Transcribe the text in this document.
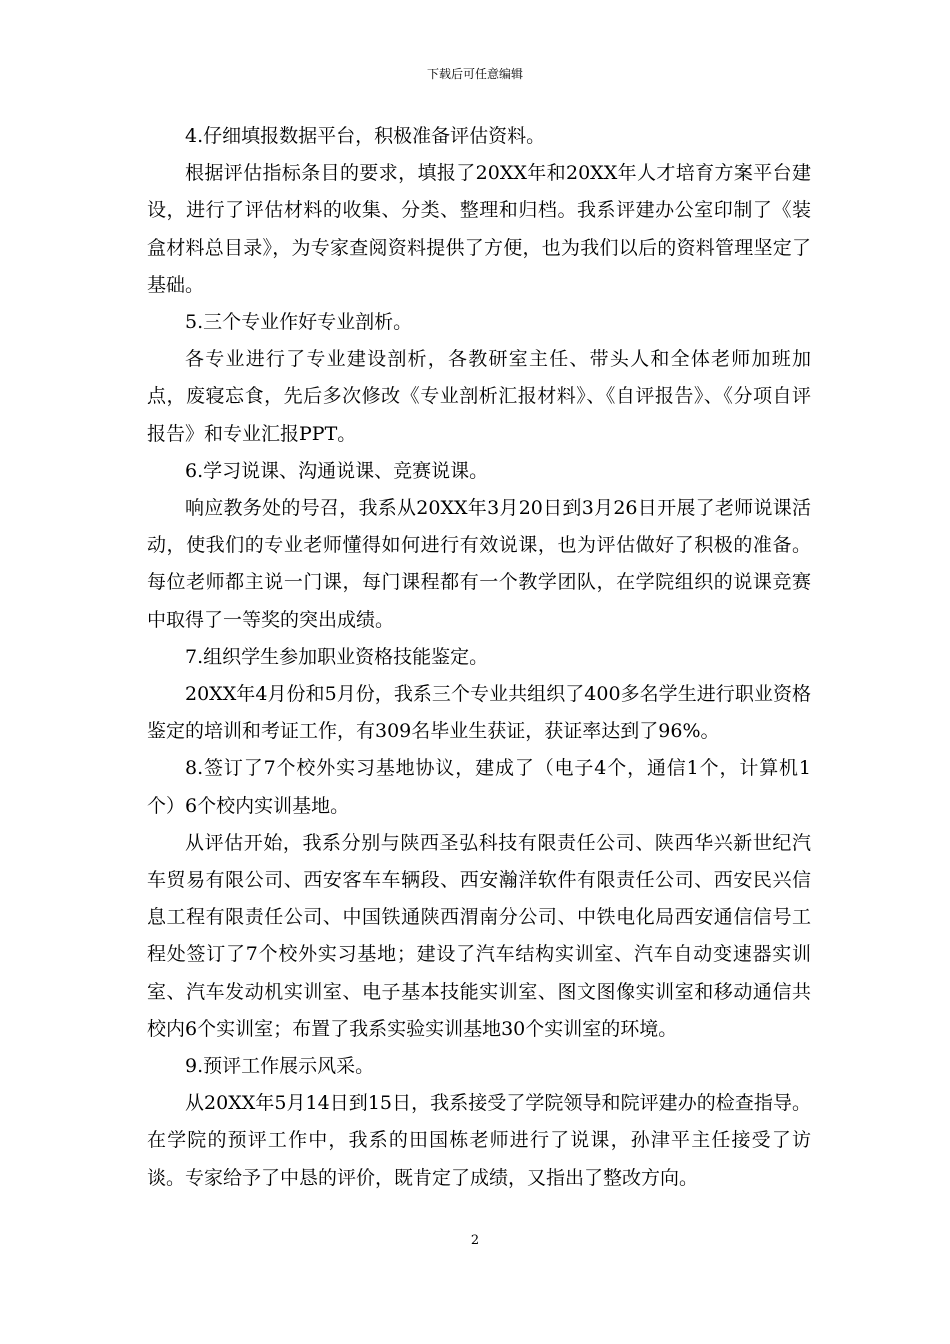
下载后可任意编辑

4.仔细填报数据平台，积极准备评估资料。

根据评估指标条目的要求，填报了20XX年和20XX年人才培育方案平台建设，进行了评估材料的收集、分类、整理和归档。我系评建办公室印制了《装盒材料总目录》，为专家查阅资料提供了方便，也为我们以后的资料管理坚定了基础。

5.三个专业作好专业剖析。

各专业进行了专业建设剖析，各教研室主任、带头人和全体老师加班加点，废寝忘食，先后多次修改《专业剖析汇报材料》、《自评报告》、《分项自评报告》和专业汇报PPT。

6.学习说课、沟通说课、竞赛说课。

响应教务处的号召，我系从20XX年3月20日到3月26日开展了老师说课活动，使我们的专业老师懂得如何进行有效说课，也为评估做好了积极的准备。每位老师都主说一门课，每门课程都有一个教学团队，在学院组织的说课竞赛中取得了一等奖的突出成绩。

7.组织学生参加职业资格技能鉴定。

20XX年4月份和5月份，我系三个专业共组织了400多名学生进行职业资格鉴定的培训和考证工作，有309名毕业生获证，获证率达到了96%。

8.签订了7个校外实习基地协议，建成了（电子4个，通信1个，计算机1个）6个校内实训基地。

从评估开始，我系分别与陕西圣弘科技有限责任公司、陕西华兴新世纪汽车贸易有限公司、西安客车车辆段、西安瀚洋软件有限责任公司、西安民兴信息工程有限责任公司、中国铁通陕西渭南分公司、中铁电化局西安通信信号工程处签订了7个校外实习基地；建设了汽车结构实训室、汽车自动变速器实训室、汽车发动机实训室、电子基本技能实训室、图文图像实训室和移动通信共校内6个实训室；布置了我系实验实训基地30个实训室的环境。

9.预评工作展示风采。

从20XX年5月14日到15日，我系接受了学院领导和院评建办的检查指导。在学院的预评工作中，我系的田国栋老师进行了说课，孙津平主任接受了访谈。专家给予了中恳的评价，既肯定了成绩，又指出了整改方向。

2
